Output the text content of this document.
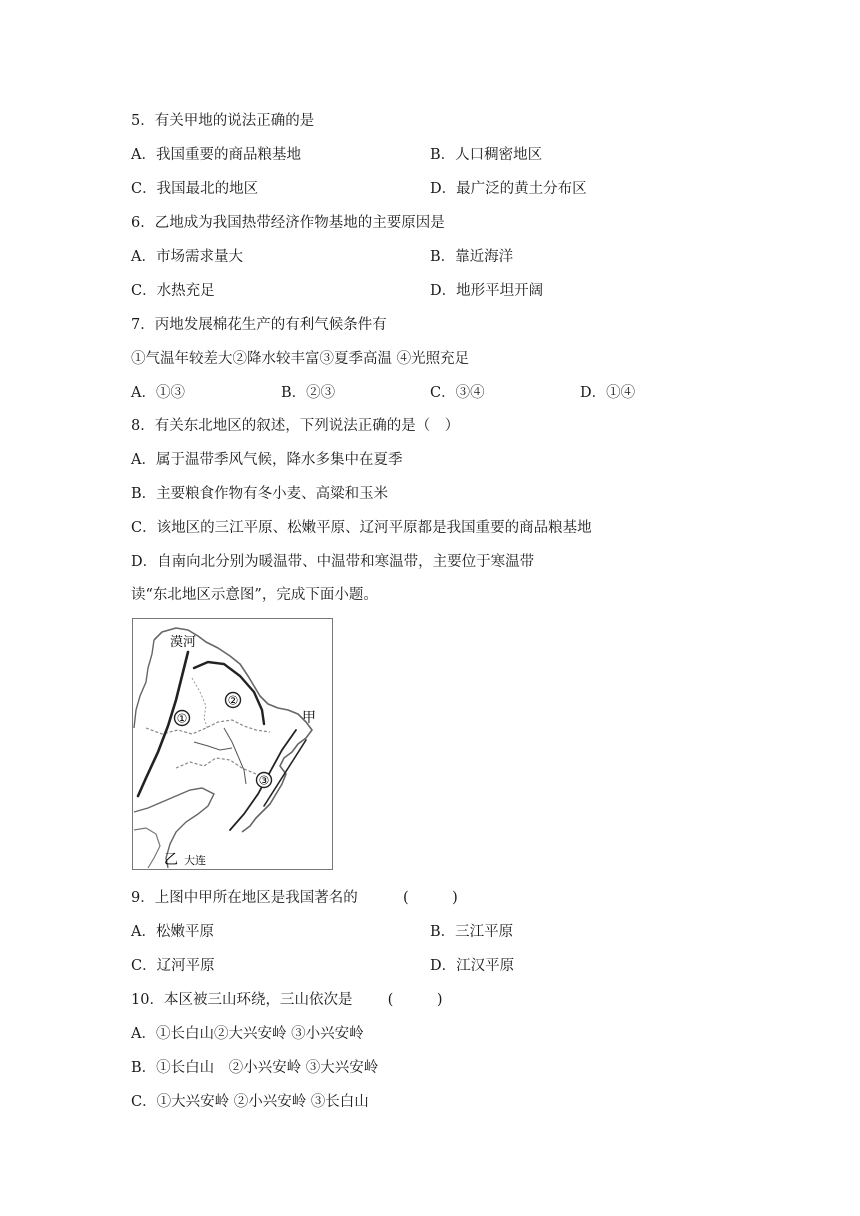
5．有关甲地的说法正确的是
A．我国重要的商品粮基地	B．人口稠密地区
C．我国最北的地区	D．最广泛的黄土分布区
6．乙地成为我国热带经济作物基地的主要原因是
A．市场需求量大	B．靠近海洋
C．水热充足	D．地形平坦开阔
7．丙地发展棉花生产的有利气候条件有
①气温年较差大②降水较丰富③夏季高温 ④光照充足
A．①③	B．②③	C．③④	D．①④
8．有关东北地区的叙述，下列说法正确的是（　）
A．属于温带季风气候，降水多集中在夏季
B．主要粮食作物有冬小麦、高粱和玉米
C．该地区的三江平原、松嫩平原、辽河平原都是我国重要的商品粮基地
D．自南向北分别为暖温带、中温带和寒温带，主要位于寒温带
读“东北地区示意图”，完成下面小题。
①
②
③
漠河
甲
乙 大连
9．上图中甲所在地区是我国著名的	(　　　)
A．松嫩平原	B．三江平原
C．辽河平原	D．江汉平原
10．本区被三山环绕，三山依次是 (　　　)
A．①长白山②大兴安岭 ③小兴安岭
B．①长白山　②小兴安岭 ③大兴安岭
C．①大兴安岭 ②小兴安岭 ③长白山
